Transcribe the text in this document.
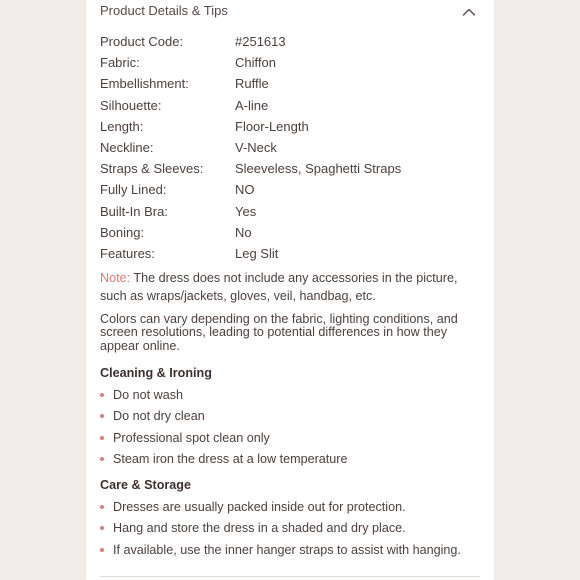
Product Details & Tips
Product Code:	#251613
Fabric:	Chiffon
Embellishment:	Ruffle
Silhouette:	A-line
Length:	Floor-Length
Neckline:	V-Neck
Straps & Sleeves: Sleeveless, Spaghetti Straps
Fully Lined:	NO
Built-In Bra:	Yes
Boning:	No
Features:	Leg Slit
Note: The dress does not include any accessories in the picture, such as wraps/jackets, gloves, veil, handbag, etc.
Colors can vary depending on the fabric, lighting conditions, and screen resolutions, leading to potential differences in how they appear online.
Cleaning & Ironing
Do not wash
Do not dry clean
Professional spot clean only
Steam iron the dress at a low temperature
Care & Storage
Dresses are usually packed inside out for protection.
Hang and store the dress in a shaded and dry place.
If available, use the inner hanger straps to assist with hanging.
